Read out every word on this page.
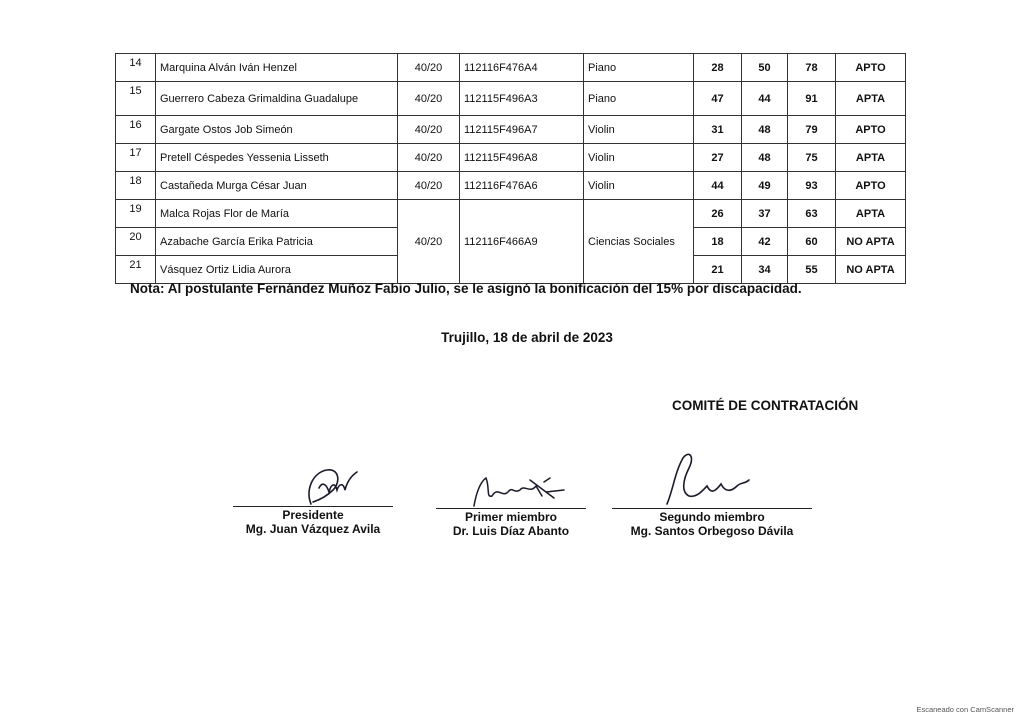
14	Marquina Alván Iván Henzel	40/20	112116F476A4	Piano	28	50	78	APTO
15	Guerrero Cabeza Grimaldina Guadalupe	40/20	112115F496A3	Piano	47	44	91	APTA
16	Gargate Ostos Job Simeón	40/20	112115F496A7	Violin	31	48	79	APTO
17	Pretell Céspedes Yessenia Lisseth	40/20	112115F496A8	Violin	27	48	75	APTA
18	Castañeda Murga César Juan	40/20	112116F476A6	Violin	44	49	93	APTO
19	Malca Rojas Flor de María	40/20	112116F466A9	Ciencias Sociales	26	37	63	APTA
20	Azabache García Erika Patricia				18	42	60	NO APTA
21	Vásquez Ortiz Lidia Aurora				21	34	55	NO APTA
Nota: Al postulante Fernández Muñoz Fabio Julio, se le asignó la bonificación del 15% por discapacidad.
Trujillo, 18 de abril de 2023
COMITÉ DE CONTRATACIÓN
Presidente
Mg. Juan Vázquez Avila
Primer miembro
Dr. Luis Díaz Abanto
Segundo miembro
Mg. Santos Orbegoso Dávila
Escaneado con CamScanner
